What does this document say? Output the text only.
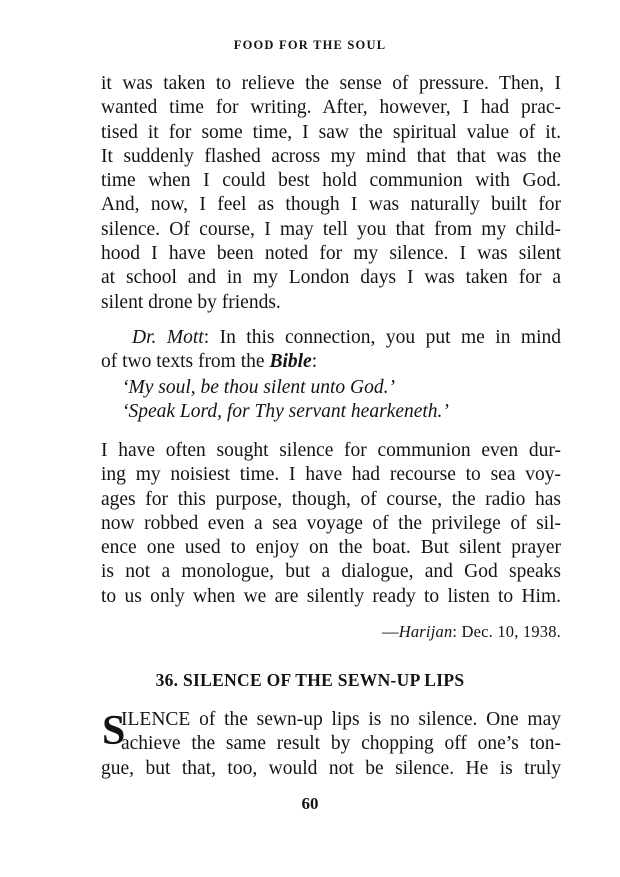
FOOD FOR THE SOUL
it was taken to relieve the sense of pressure. Then, I
wanted time for writing. After, however, I had prac-
tised it for some time, I saw the spiritual value of it.
It suddenly flashed across my mind that that was the
time when I could best hold communion with God.
And, now, I feel as though I was naturally built for
silence. Of course, I may tell you that from my child-
hood I have been noted for my silence. I was silent
at school and in my London days I was taken for a
silent drone by friends.
Dr. Mott: In this connection, you put me in mind
of two texts from the Bible:
‘My soul, be thou silent unto God.’
‘Speak Lord, for Thy servant hearkeneth.’
I have often sought silence for communion even dur-
ing my noisiest time. I have had recourse to sea voy-
ages for this purpose, though, of course, the radio has
now robbed even a sea voyage of the privilege of sil-
ence one used to enjoy on the boat. But silent prayer
is not a monologue, but a dialogue, and God speaks
to us only when we are silently ready to listen to Him.
—Harijan: Dec. 10, 1938.
36. SILENCE OF THE SEWN-UP LIPS
S
ILENCE of the sewn-up lips is no silence. One may
achieve the same result by chopping off one’s ton-
gue, but that, too, would not be silence. He is truly
60
